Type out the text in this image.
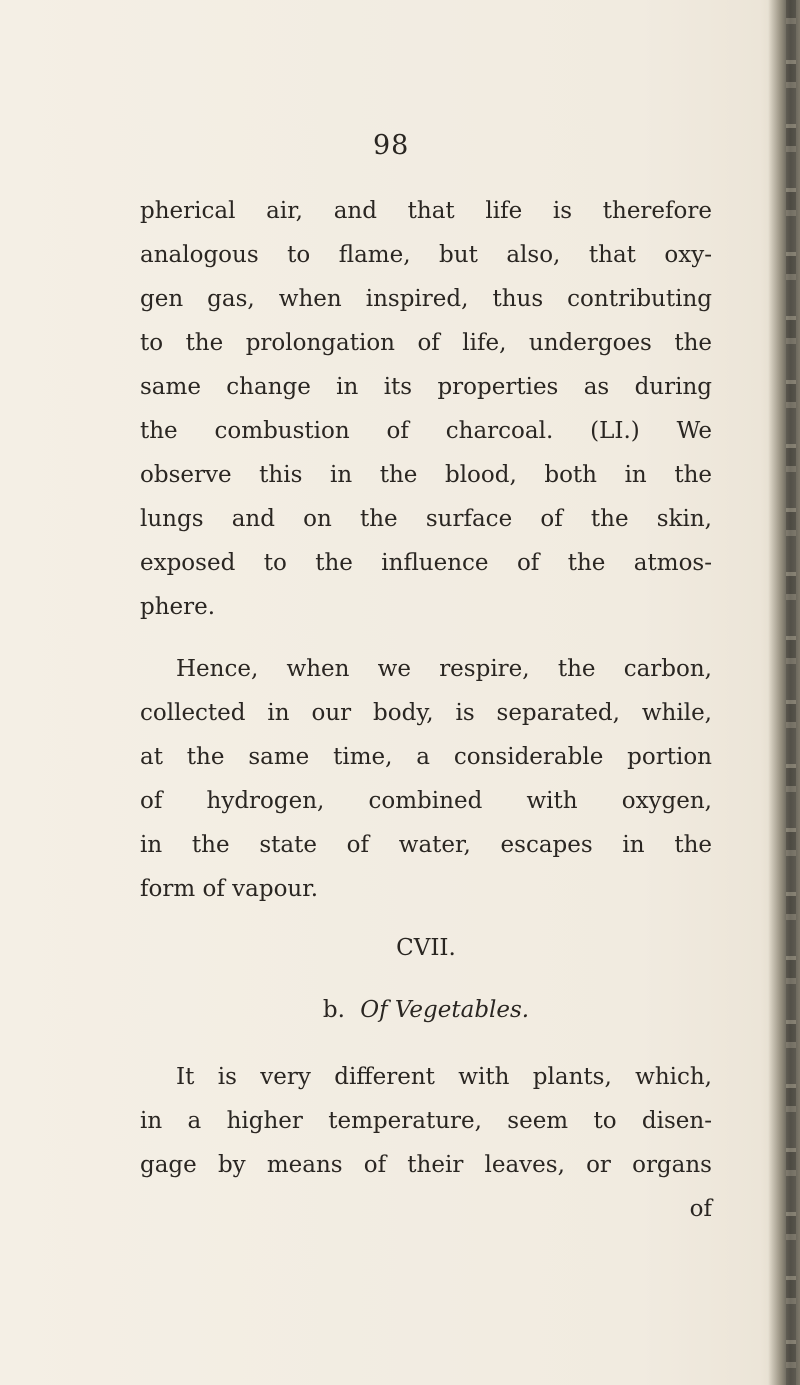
98
pherical air, and that life is therefore
analogous to flame, but also, that oxy-
gen gas, when inspired, thus contributing
to the prolongation of life, undergoes the
same change in its properties as during
the combustion of charcoal. (LI.) We
observe this in the blood, both in the
lungs and on the surface of the skin,
exposed to the influence of the atmos-
phere.
Hence, when we respire, the carbon,
collected in our body, is separated, while,
at the same time, a considerable portion
of hydrogen, combined with oxygen,
in the state of water, escapes in the
form of vapour.
CVII.
b. Of Vegetables.
It is very different with plants, which,
in a higher temperature, seem to disen-
gage by means of their leaves, or organs
of
